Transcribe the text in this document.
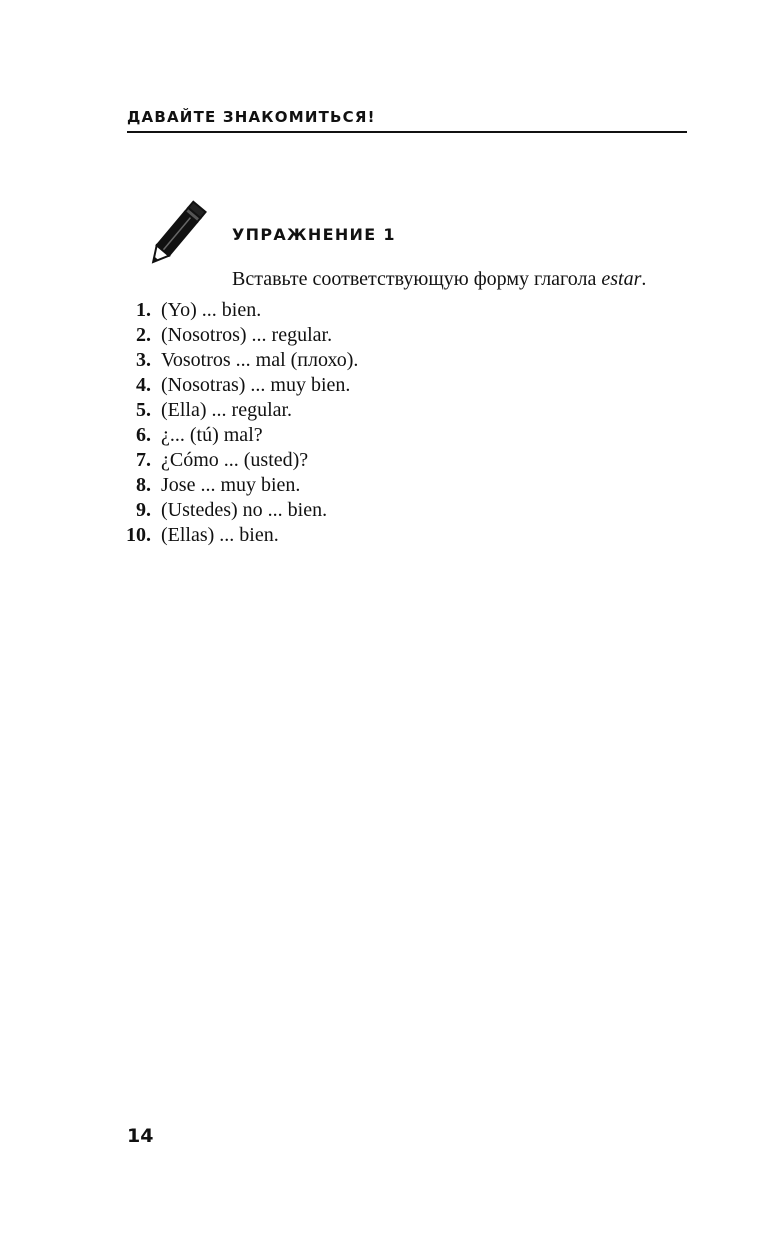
ДАВАЙТЕ ЗНАКОМИТЬСЯ!
УПРАЖНЕНИЕ 1
Вставьте соответствующую форму глагола estar.
1. (Yo) ... bien.
2. (Nosotros) ... regular.
3. Vosotros ... mal (плохо).
4. (Nosotras) ... muy bien.
5. (Ella) ... regular.
6. ¿... (tú) mal?
7. ¿Cómo ... (usted)?
8. Jose ... muy bien.
9. (Ustedes) no ... bien.
10. (Ellas) ... bien.
14
